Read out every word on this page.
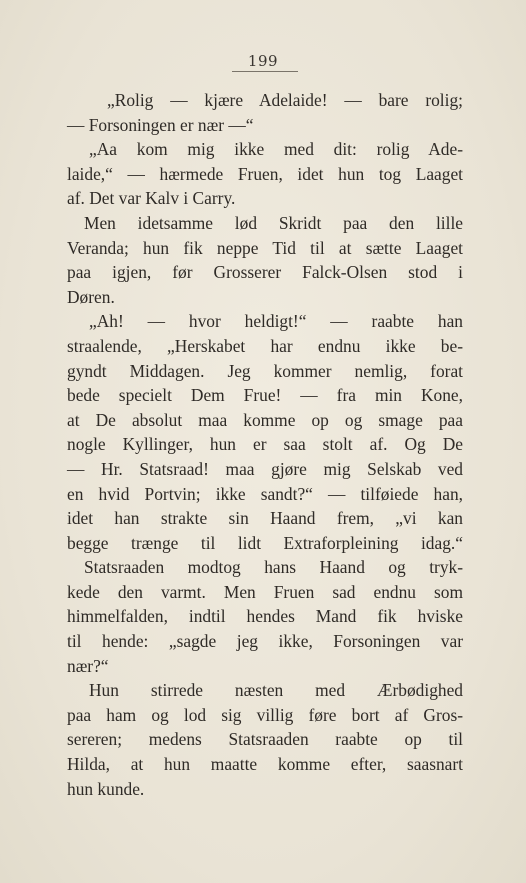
199
„Rolig — kjære Adelaide! — bare rolig;
— Forsoningen er nær —“
„Aa kom mig ikke med dit: rolig Ade-
laide,“ — hærmede Fruen, idet hun tog Laaget
af. Det var Kalv i Carry.
Men idetsamme lød Skridt paa den lille
Veranda; hun fik neppe Tid til at sætte Laaget
paa igjen, før Grosserer Falck-Olsen stod i
Døren.
„Ah! — hvor heldigt!“ — raabte han
straalende, „Herskabet har endnu ikke be-
gyndt Middagen. Jeg kommer nemlig, forat
bede specielt Dem Frue! — fra min Kone,
at De absolut maa komme op og smage paa
nogle Kyllinger, hun er saa stolt af. Og De
— Hr. Statsraad! maa gjøre mig Selskab ved
en hvid Portvin; ikke sandt?“ — tilføiede han,
idet han strakte sin Haand frem, „vi kan
begge trænge til lidt Extraforpleining idag.“
Statsraaden modtog hans Haand og tryk-
kede den varmt. Men Fruen sad endnu som
himmelfalden, indtil hendes Mand fik hviske
til hende: „sagde jeg ikke, Forsoningen var
nær?“
Hun stirrede næsten med Ærbødighed
paa ham og lod sig villig føre bort af Gros-
sereren; medens Statsraaden raabte op til
Hilda, at hun maatte komme efter, saasnart
hun kunde.
